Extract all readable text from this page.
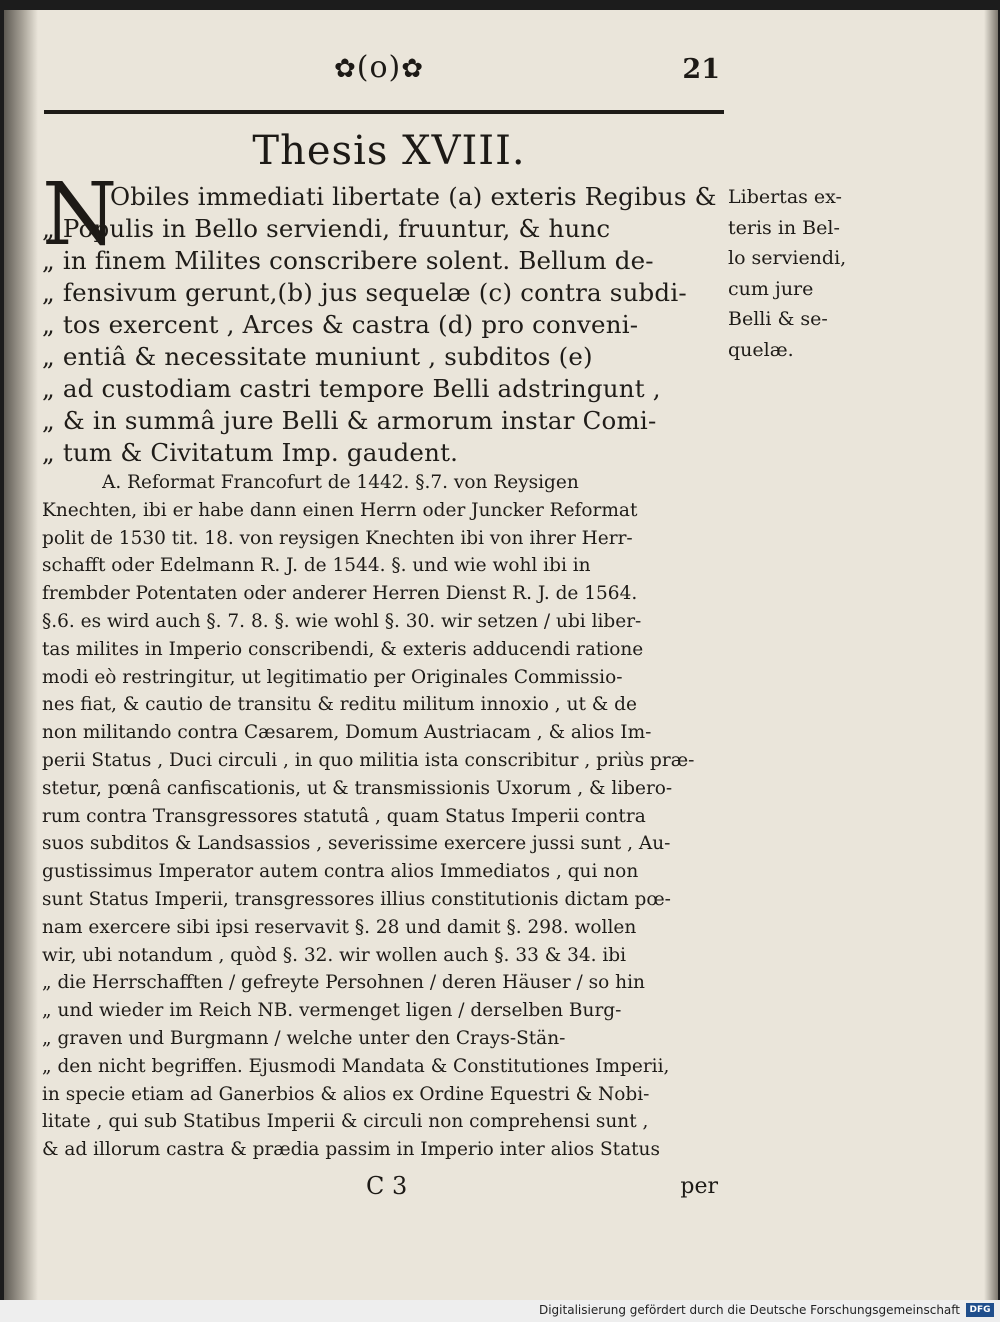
✿(o)✿	21
Thesis XVIII.
N
Obiles immediati libertate (a) exteris Regibus &
„ Populis in Bello serviendi, fruuntur, & hunc
„ in finem Milites conscribere solent. Bellum de-
„ fensivum gerunt,(b) jus sequelæ (c) contra subdi-
„ tos exercent , Arces & castra (d) pro conveni-
„ entiâ & necessitate muniunt , subditos (e)
„ ad custodiam castri tempore Belli adstringunt ,
„ & in summâ jure Belli & armorum instar Comi-
„ tum & Civitatum Imp. gaudent.
Libertas ex-
teris in Bel-
lo serviendi,
cum jure
Belli & se-
quelæ.
A. Reformat Francofurt de 1442. §.7. von Reysigen
Knechten, ibi er habe dann einen Herrn oder Juncker Reformat
polit de 1530 tit. 18. von reysigen Knechten ibi von ihrer Herr-
schafft oder Edelmann R. J. de 1544. §. und wie wohl ibi in
frembder Potentaten oder anderer Herren Dienst R. J. de 1564.
§.6. es wird auch §. 7. 8. §. wie wohl §. 30. wir setzen / ubi liber-
tas milites in Imperio conscribendi, & exteris adducendi ratione
modi eò restringitur, ut legitimatio per Originales Commissio-
nes fiat, & cautio de transitu & reditu militum innoxio , ut & de
non militando contra Cæsarem, Domum Austriacam , & alios Im-
perii Status , Duci circuli , in quo militia ista conscribitur , priùs præ-
stetur, pœnâ canfiscationis, ut & transmissionis Uxorum , & libero-
rum contra Transgressores statutâ , quam Status Imperii contra
suos subditos & Landsassios , severissime exercere jussi sunt , Au-
gustissimus Imperator autem contra alios Immediatos , qui non
sunt Status Imperii, transgressores illius constitutionis dictam pœ-
nam exercere sibi ipsi reservavit §. 28 und damit §. 298. wollen
wir, ubi notandum , quòd §. 32. wir wollen auch §. 33 & 34. ibi
„ die Herrschafften / gefreyte Persohnen / deren Häuser / so hin
„ und wieder im Reich NB. vermenget ligen / derselben Burg-
„ graven und Burgmann / welche unter den Crays-Stän-
„ den nicht begriffen. Ejusmodi Mandata & Constitutiones Imperii,
in specie etiam ad Ganerbios & alios ex Ordine Equestri & Nobi-
litate , qui sub Statibus Imperii & circuli non comprehensi sunt ,
& ad illorum castra & prædia passim in Imperio inter alios Status
C 3	per
Digitalisierung gefördert durch die Deutsche Forschungsgemeinschaft	DFG
